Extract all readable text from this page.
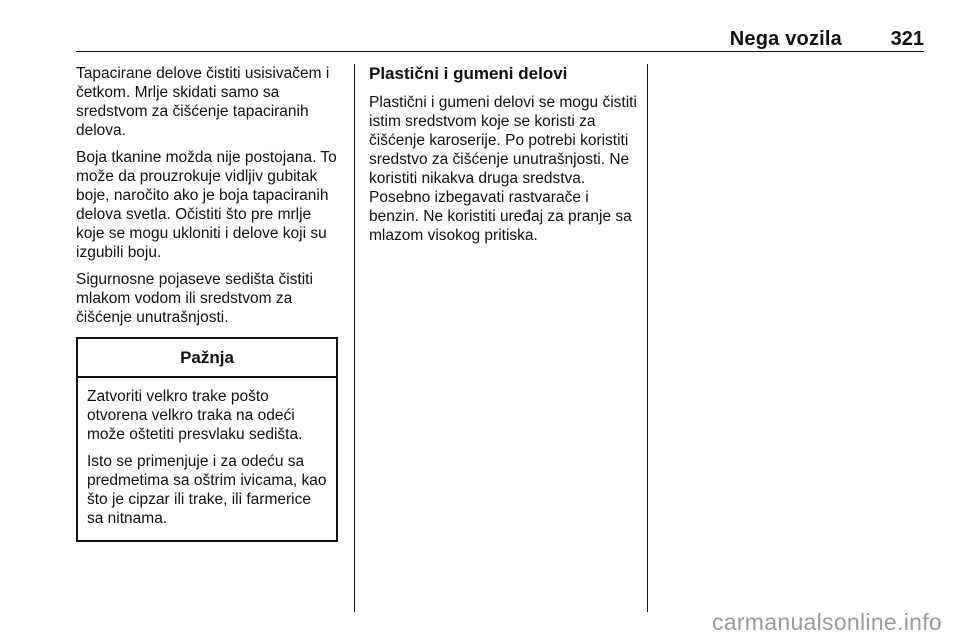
Nega vozila 321

Tapacirane delove čistiti usisivačem i četkom. Mrlje skidati samo sa sredstvom za čišćenje tapaciranih delova.

Boja tkanine možda nije postojana. To može da prouzrokuje vidljiv gubitak boje, naročito ako je boja tapaciranih delova svetla. Očistiti što pre mrlje koje se mogu ukloniti i delove koji su izgubili boju.

Sigurnosne pojaseve sedišta čistiti mlakom vodom ili sredstvom za čišćenje unutrašnjosti.

Pažnja

Zatvoriti velkro trake pošto otvorena velkro traka na odeći može oštetiti presvlaku sedišta.

Isto se primenjuje i za odeću sa predmetima sa oštrim ivicama, kao što je cipzar ili trake, ili farmerice sa nitnama.

Plastični i gumeni delovi

Plastični i gumeni delovi se mogu čistiti istim sredstvom koje se koristi za čišćenje karoserije. Po potrebi koristiti sredstvo za čišćenje unutrašnjosti. Ne koristiti nikakva druga sredstva. Posebno izbegavati rastvarače i benzin. Ne koristiti uređaj za pranje sa mlazom visokog pritiska.

carmanualsonline.info
